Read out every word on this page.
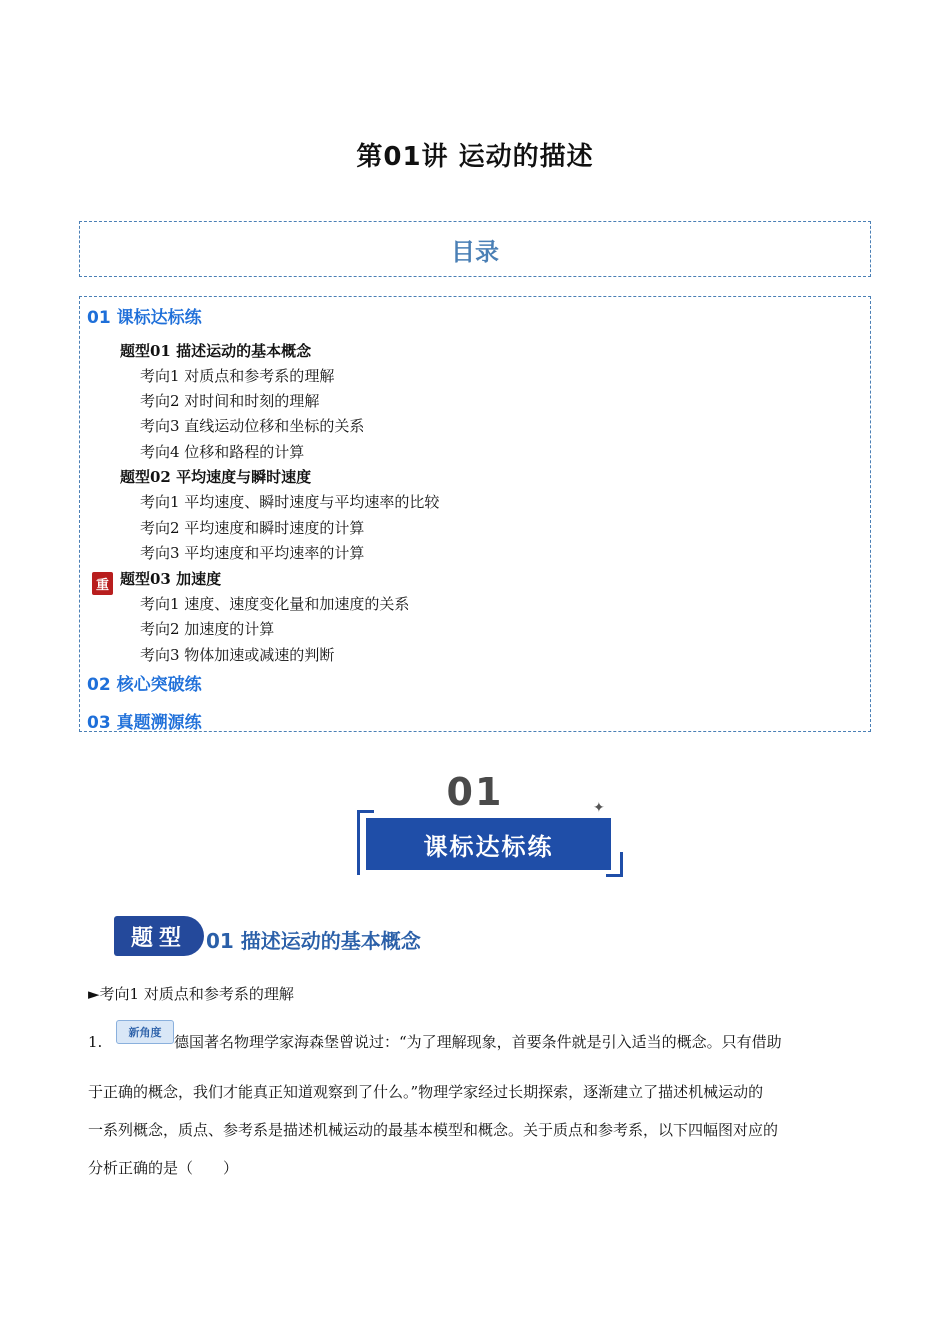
第01讲 运动的描述
目录
01 课标达标练
题型01 描述运动的基本概念
考向1 对质点和参考系的理解
考向2 对时间和时刻的理解
考向3 直线运动位移和坐标的关系
考向4 位移和路程的计算
题型02 平均速度与瞬时速度
考向1 平均速度、瞬时速度与平均速率的比较
考向2 平均速度和瞬时速度的计算
考向3 平均速度和平均速率的计算
重 题型03 加速度
考向1 速度、速度变化量和加速度的关系
考向2 加速度的计算
考向3 物体加速或减速的判断
02 核心突破练
03 真题溯源练
01	✦
课标达标练
题型 01 描述运动的基本概念
►考向1 对质点和参考系的理解
1.
新角度
德国著名物理学家海森堡曾说过：“为了理解现象，首要条件就是引入适当的概念。只有借助
于正确的概念，我们才能真正知道观察到了什么。”物理学家经过长期探索，逐渐建立了描述机械运动的
一系列概念，质点、参考系是描述机械运动的最基本模型和概念。关于质点和参考系，以下四幅图对应的
分析正确的是（　　）
